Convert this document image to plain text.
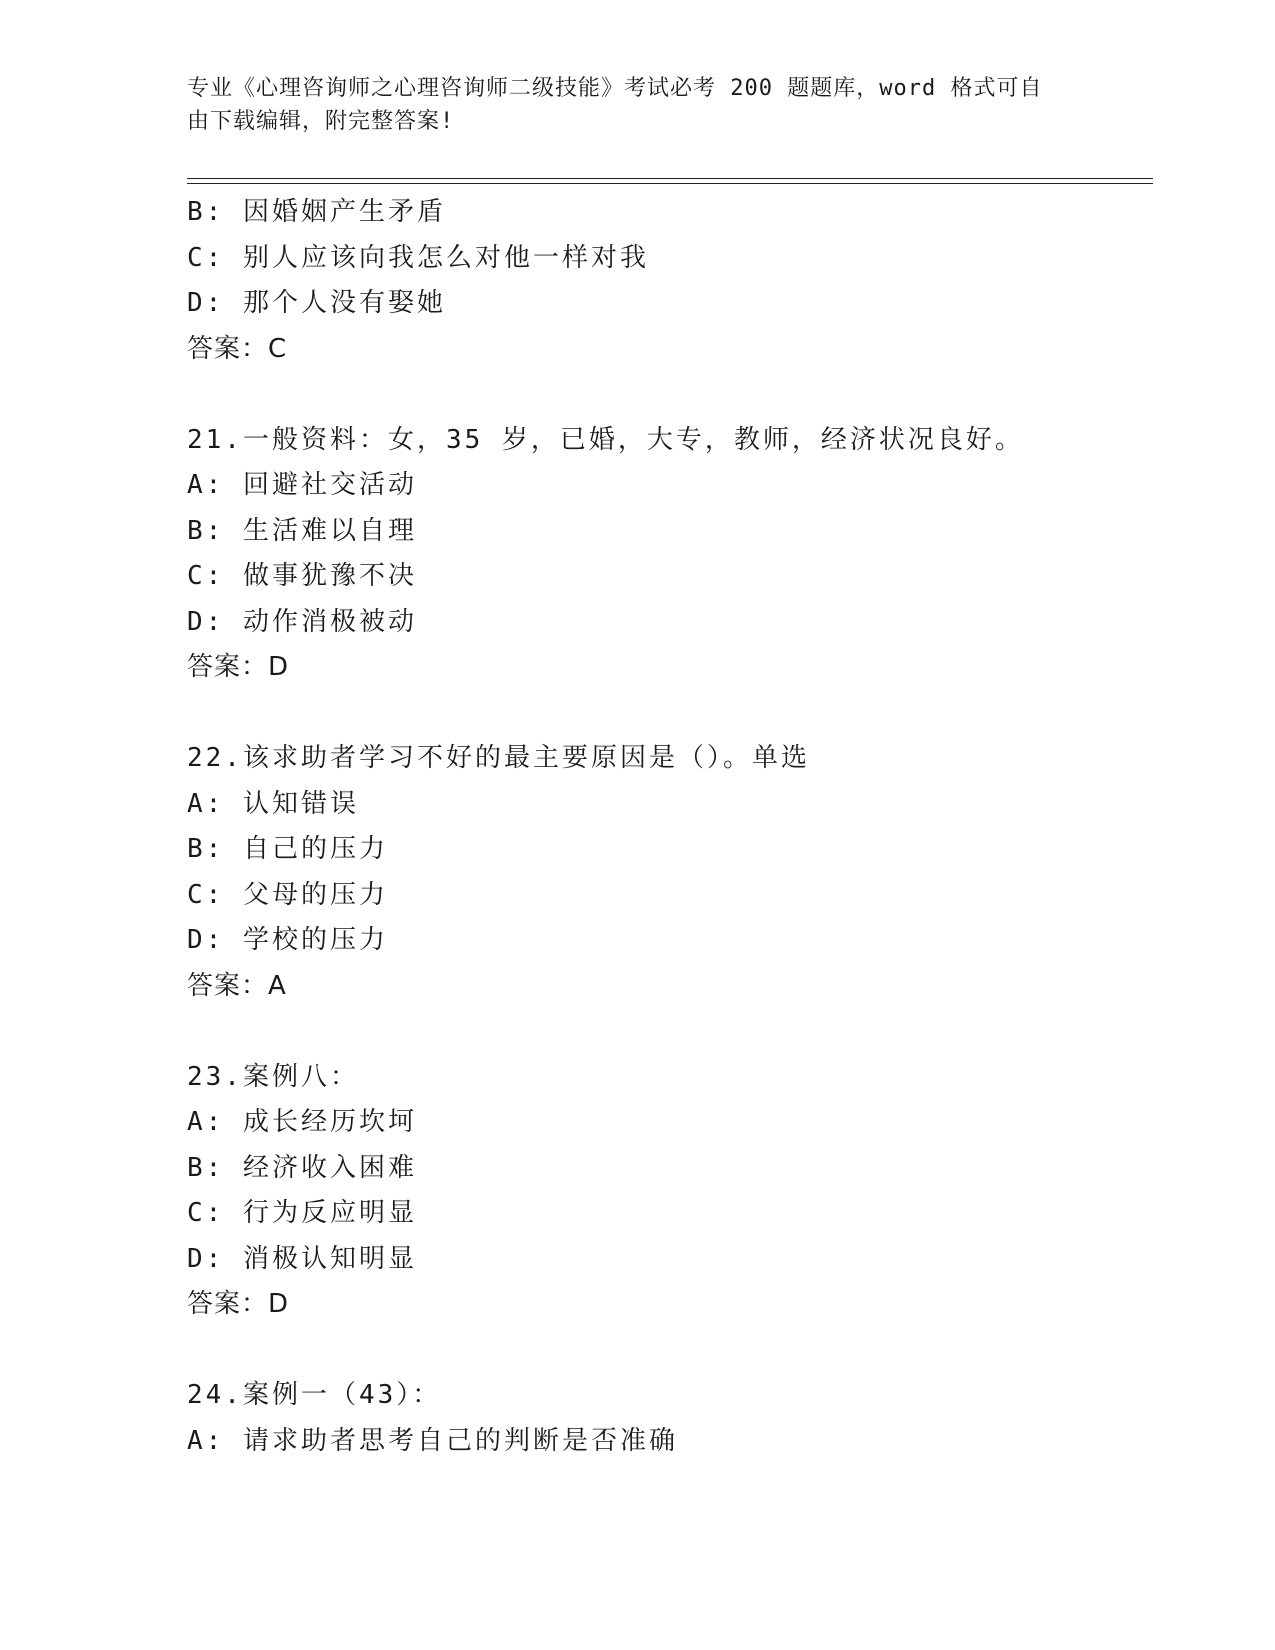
专业《心理咨询师之心理咨询师二级技能》考试必考 200 题题库，word 格式可自
由下载编辑，附完整答案!
B: 因婚姻产生矛盾
C: 别人应该向我怎么对他一样对我
D: 那个人没有娶她
答案：C
21.一般资料：女，35 岁，已婚，大专，教师，经济状况良好。
A: 回避社交活动
B: 生活难以自理
C: 做事犹豫不决
D: 动作消极被动
答案：D
22.该求助者学习不好的最主要原因是（）。单选
A: 认知错误
B: 自己的压力
C: 父母的压力
D: 学校的压力
答案：A
23.案例八：
A: 成长经历坎坷
B: 经济收入困难
C: 行为反应明显
D: 消极认知明显
答案：D
24.案例一（43）：
A: 请求助者思考自己的判断是否准确
